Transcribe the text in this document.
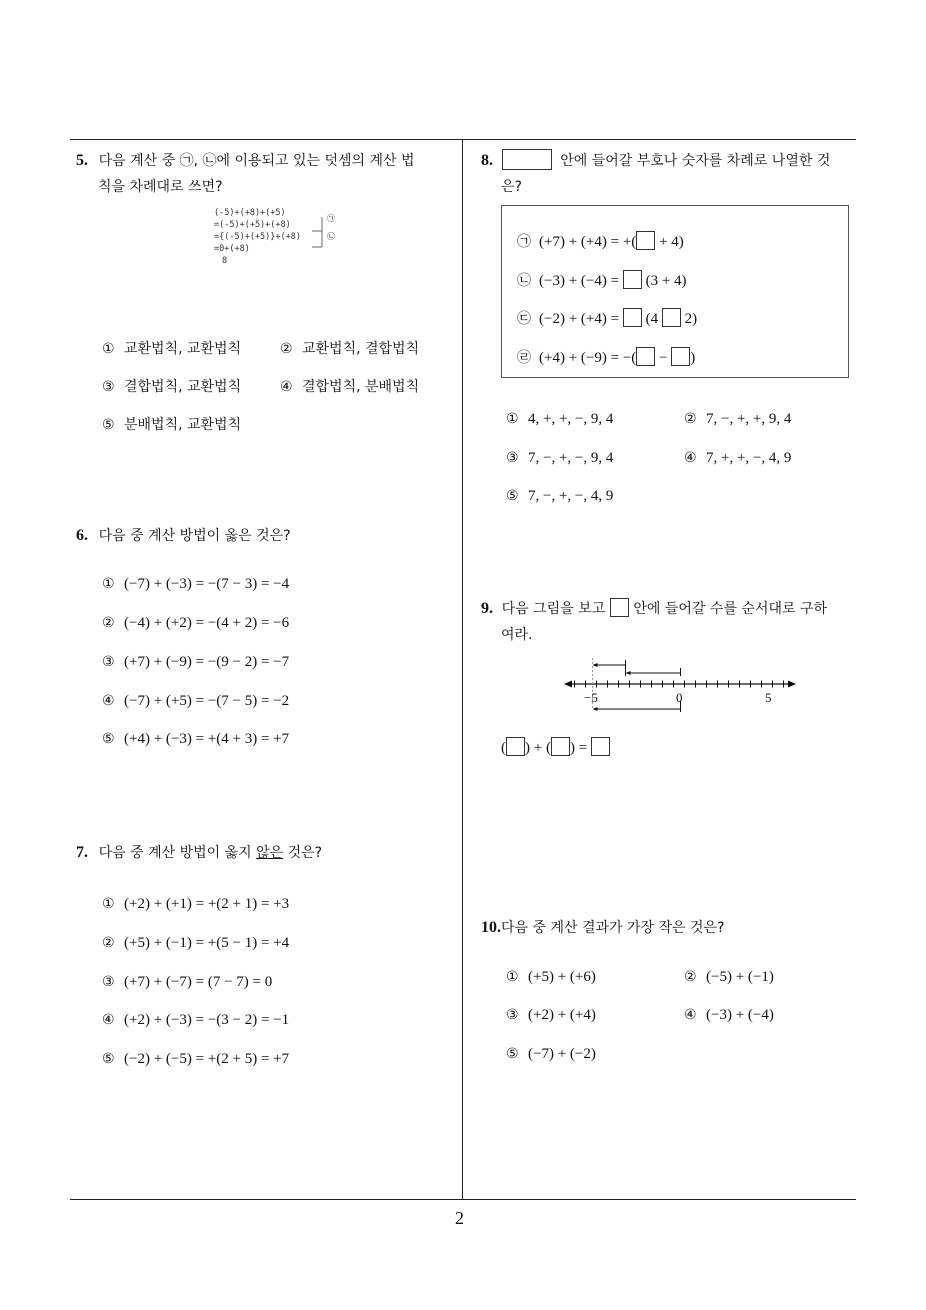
2
5. 다음 계산 중 ㉠, ㉡에 이용되고 있는 덧셈의 계산 법
칙을 차례대로 쓰면?
(-5)+(+8)+(+5)
=(-5)+(+5)+(+8)
={(-5)+(+5)}+(+8)
=0+(+8)
8
㉠
㉡
① 교환법칙, 교환법칙	② 교환법칙, 결합법칙
③ 결합법칙, 교환법칙	④ 결합법칙, 분배법칙
⑤ 분배법칙, 교환법칙
6. 다음 중 계산 방법이 옳은 것은?
① (−7) + (−3) = −(7 − 3) = −4
② (−4) + (+2) = −(4 + 2) = −6
③ (+7) + (−9) = −(9 − 2) = −7
④ (−7) + (+5) = −(7 − 5) = −2
⑤ (+4) + (−3) = +(4 + 3) = +7
7. 다음 중 계산 방법이 옳지 않은 것은?
① (+2) + (+1) = +(2 + 1) = +3
② (+5) + (−1) = +(5 − 1) = +4
③ (+7) + (−7) = (7 − 7) = 0
④ (+2) + (−3) = −(3 − 2) = −1
⑤ (−2) + (−5) = +(2 + 5) = +7
8.	안에 들어갈 부호나 숫자를 차례로 나열한 것
은?
㉠ (+7) + (+4) = +( + 4)
㉡ (−3) + (−4) =  (3 + 4)
㉢ (−2) + (+4) =  (4  2)
㉣ (+4) + (−9) = −( − )
① 4, +, +, −, 9, 4	② 7, −, +, +, 9, 4
③ 7, −, +, −, 9, 4	④ 7, +, +, −, 4, 9
⑤ 7, −, +, −, 4, 9
9. 다음 그림을 보고 안에 들어갈 수를 순서대로 구하
여라.
−5	0	5
( ) + ( ) =
10.다음 중 계산 결과가 가장 작은 것은?
① (+5) + (+6)	② (−5) + (−1)
③ (+2) + (+4)	④ (−3) + (−4)
⑤ (−7) + (−2)
